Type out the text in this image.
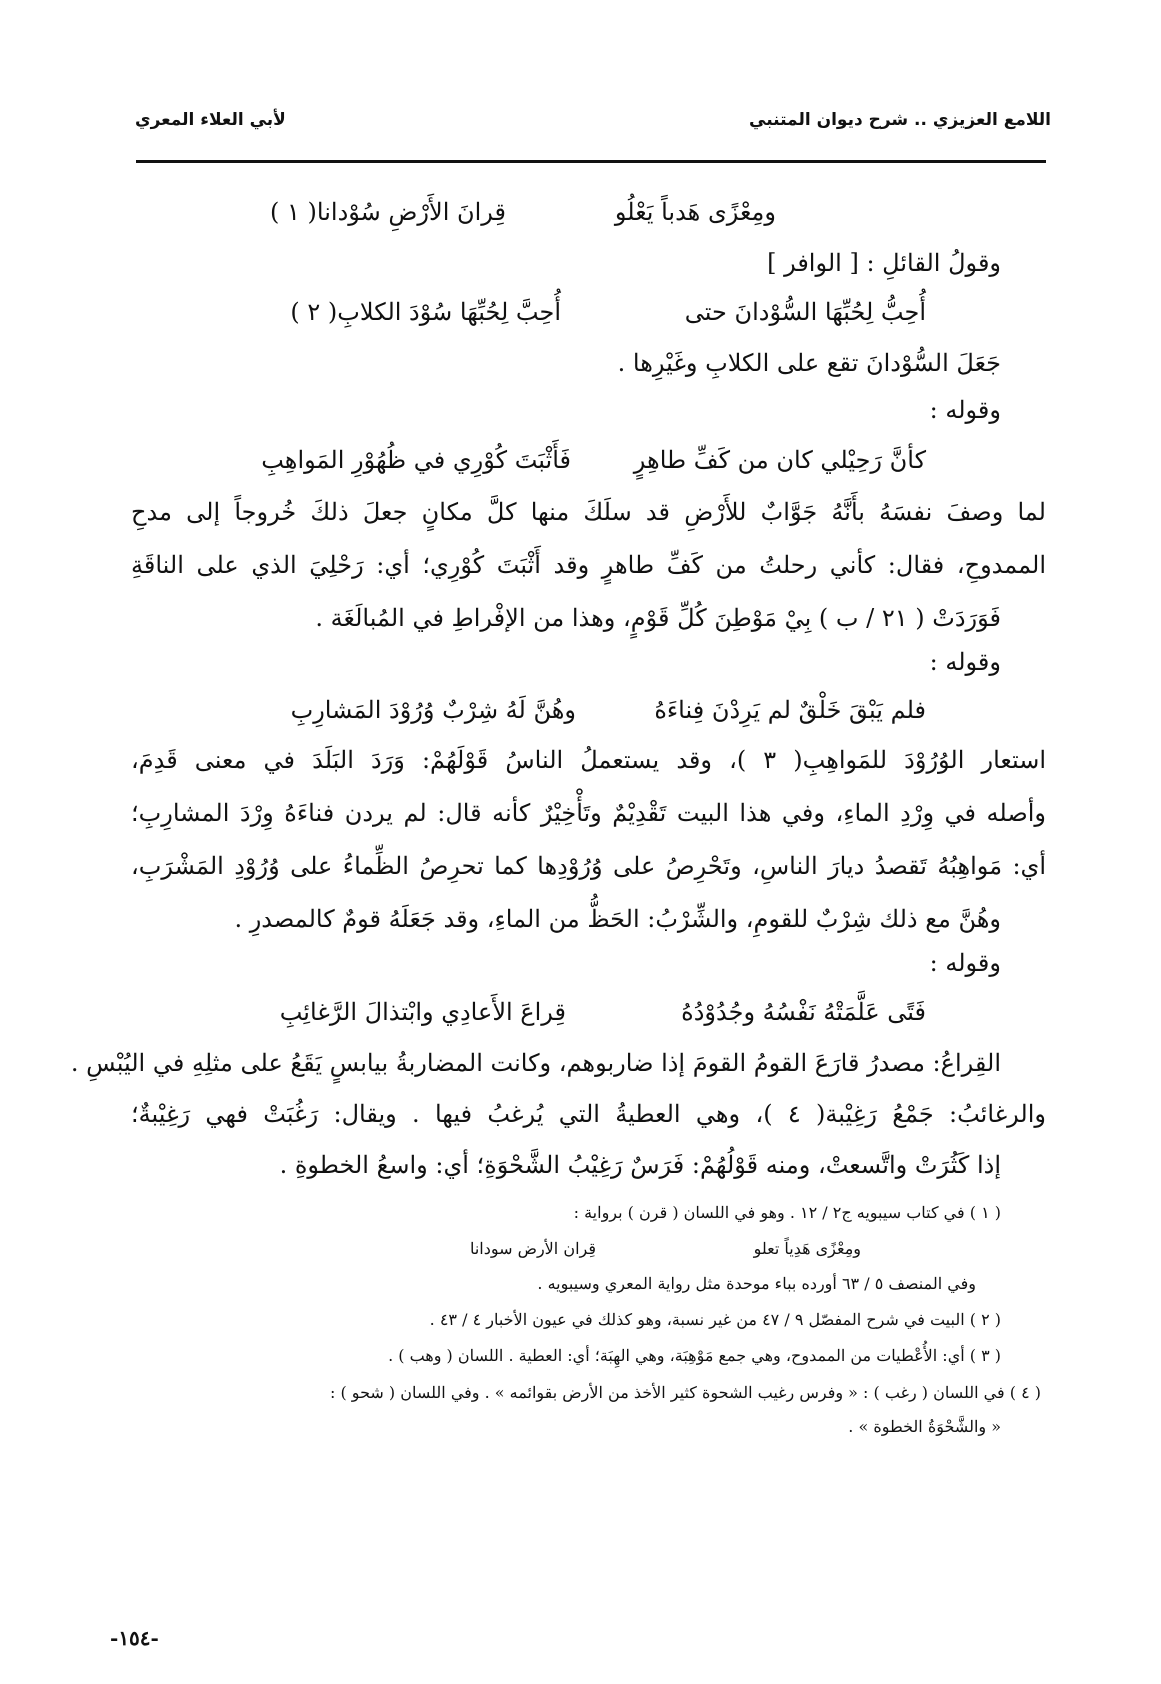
اللامع العزيزي .. شرح ديوان المتنبي
لأبي العلاء المعري
ومِعْزًى هَدباً يَعْلُو
قِرانَ الأَرْضِ سُوْدانا( ١ )
وقولُ القائلِ : [ الوافر ]
أُحِبُّ لِحُبِّهَا السُّوْدانَ حتى
أُحِبَّ لِحُبِّهَا سُوْدَ الكلابِ( ٢ )
جَعَلَ السُّوْدانَ تقع على الكلابِ وغَيْرِها .
وقوله :
كأنَّ رَحِيْلي كان من كَفِّ طاهِرٍ
فَأَثْبَتَ كُوْرِي في ظُهُوْرِ المَواهِبِ
لما وصفَ نفسَهُ بأَنَّهُ جَوَّابٌ للأَرْضِ قد سلَكَ منها كلَّ مكانٍ جعلَ ذلكَ خُروجاً إلى مدحِ
الممدوحِ، فقال: كأني رحلتُ من كَفِّ طاهرٍ وقد أَثْبَتَ كُوْرِي؛ أي: رَحْلِيَ الذي على الناقَةِ
فَوَرَدَتْ ( ٢١ / ب ) بِيْ مَوْطِنَ كُلِّ قَوْمٍ، وهذا من الإفْراطِ في المُبالَغَة .
وقوله :
فلم يَبْقَ خَلْقٌ لم يَرِدْنَ فِناءَهُ
وهُنَّ لَهُ شِرْبٌ وُرُوْدَ المَشارِبِ
استعار الوُرُوْدَ للمَواهِبِ( ٣ )، وقد يستعملُ الناسُ قَوْلَهُمْ: وَرَدَ البَلَدَ في معنى قَدِمَ،
وأصله في وِرْدِ الماءِ، وفي هذا البيت تَقْدِيْمٌ وتَأْخِيْرٌ كأنه قال: لم يردن فناءَهُ وِرْدَ المشارِبِ؛
أي: مَواهِبُهُ تَقصدُ ديارَ الناسِ، وتَحْرِصُ على وُرُوْدِها كما تحرِصُ الظِّماءُ على وُرُوْدِ المَشْرَبِ،
وهُنَّ مع ذلك شِرْبٌ للقومِ، والشِّرْبُ: الحَظُّ من الماءِ، وقد جَعَلَهُ قومٌ كالمصدرِ .
وقوله :
فَتًى عَلَّمَتْهُ نَفْسُهُ وجُدُوْدُهُ
قِراعَ الأَعادِي وابْتذالَ الرَّغائِبِ
القِراعُ: مصدرُ قارَعَ القومُ القومَ إذا ضاربوهم، وكانت المضاربةُ بيابسٍ يَقَعُ على مثلِهِ في اليُبْسِ .
والرغائبُ: جَمْعُ رَغِيْبة( ٤ )، وهي العطيةُ التي يُرغبُ فيها . ويقال: رَغُبَتْ فهي رَغِيْبةٌ؛
إذا كَثُرَتْ واتَّسعتْ، ومنه قَوْلُهُمْ: فَرَسٌ رَغِيْبُ الشَّحْوَةِ؛ أي: واسعُ الخطوةِ .
( ١ ) في كتاب سيبويه ج٢ / ١٢ . وهو في اللسان ( قرن ) برواية :
ومِعْزًى هَدِياً تعلو
قِران الأرض سودانا
وفي المنصف ٥ / ٦٣ أورده بباء موحدة مثل رواية المعري وسيبويه .
( ٢ ) البيت في شرح المفصّل ٩ / ٤٧ من غير نسبة، وهو كذلك في عيون الأخبار ٤ / ٤٣ .
( ٣ ) أي: الأُعْطيات من الممدوح، وهي جمع مَوْهِبَة، وهي الهِبَة؛ أي: العطية . اللسان ( وهب ) .
( ٤ ) في اللسان ( رغب ) : « وفرس رغيب الشحوة كثير الأخذ من الأرض بقوائمه » . وفي اللسان ( شحو ) :
« والشَّحْوَةُ الخطوة » .
-١٥٤-
